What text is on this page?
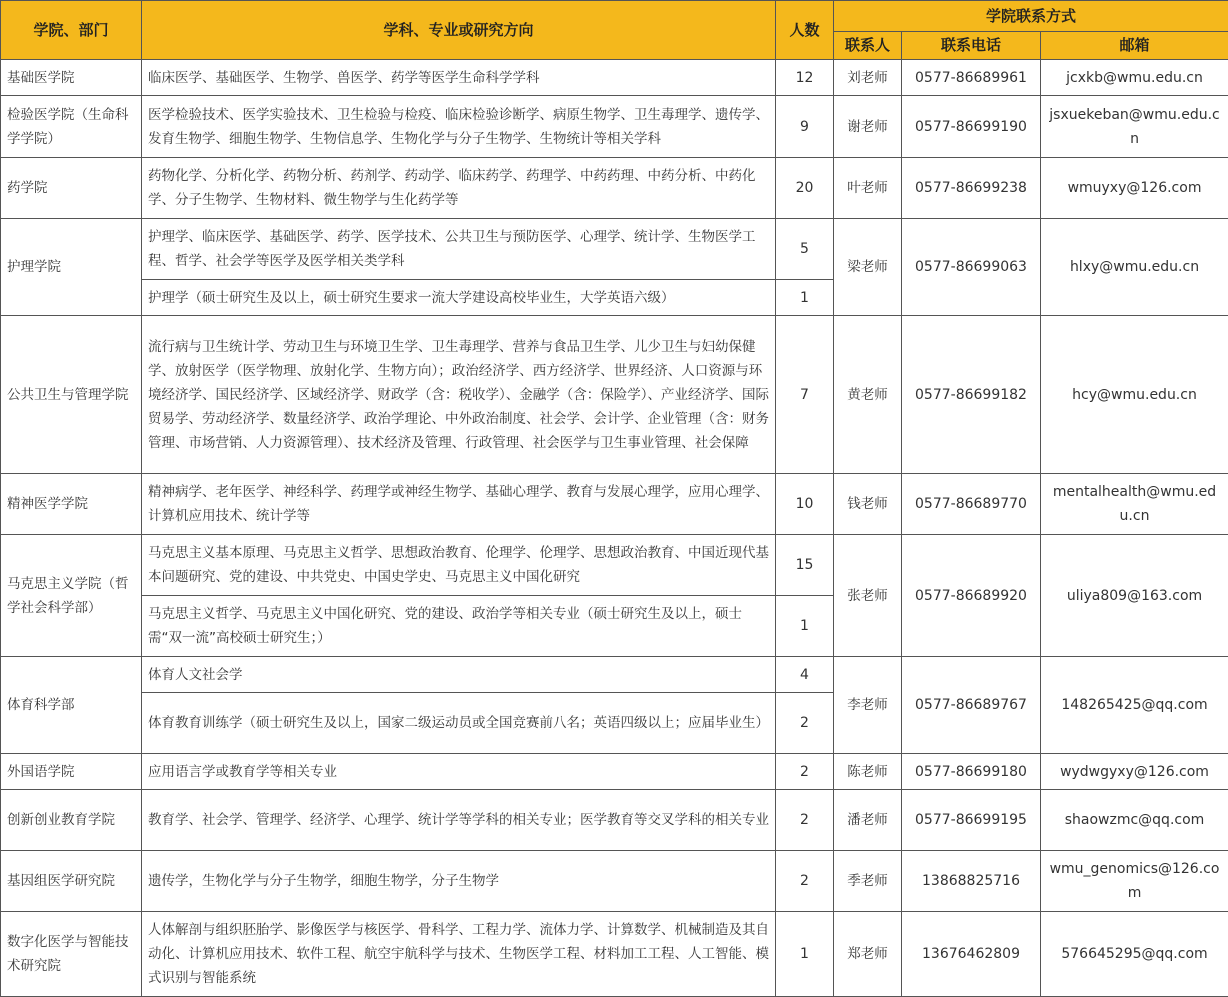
学院、部门	学科、专业或研究方向	人数	学院联系方式		
			联系人	联系电话	邮箱
基础医学院	临床医学、基础医学、生物学、兽医学、药学等医学生命科学学科	12	刘老师	0577-86689961	jcxkb@wmu.edu.cn
检验医学院（生命科学学院）	医学检验技术、医学实验技术、卫生检验与检疫、临床检验诊断学、病原生物学、卫生毒理学、遗传学、发育生物学、细胞生物学、生物信息学、生物化学与分子生物学、生物统计等相关学科	9	谢老师	0577-86699190	jsxuekeban@wmu.edu.cn
药学院	药物化学、分析化学、药物分析、药剂学、药动学、临床药学、药理学、中药药理、中药分析、中药化学、分子生物学、生物材料、微生物学与生化药学等	20	叶老师	0577-86699238	wmuyxy@126.com
护理学院	护理学、临床医学、基础医学、药学、医学技术、公共卫生与预防医学、心理学、统计学、生物医学工程、哲学、社会学等医学及医学相关类学科	5	梁老师	0577-86699063	hlxy@wmu.edu.cn
	护理学（硕士研究生及以上，硕士研究生要求一流大学建设高校毕业生，大学英语六级）	1			
公共卫生与管理学院	流行病与卫生统计学、劳动卫生与环境卫生学、卫生毒理学、营养与食品卫生学、儿少卫生与妇幼保健学、放射医学（医学物理、放射化学、生物方向）；政治经济学、西方经济学、世界经济、人口资源与环境经济学、国民经济学、区域经济学、财政学（含：税收学）、金融学（含：保险学）、产业经济学、国际贸易学、劳动经济学、数量经济学、政治学理论、中外政治制度、社会学、会计学、企业管理（含：财务管理、市场营销、人力资源管理）、技术经济及管理、行政管理、社会医学与卫生事业管理、社会保障	7	黄老师	0577-86699182	hcy@wmu.edu.cn
精神医学学院	精神病学、老年医学、神经科学、药理学或神经生物学、基础心理学、教育与发展心理学，应用心理学、计算机应用技术、统计学等	10	钱老师	0577-86689770	mentalhealth@wmu.edu.cn
马克思主义学院（哲学社会科学部）	马克思主义基本原理、马克思主义哲学、思想政治教育、伦理学、伦理学、思想政治教育、中国近现代基本问题研究、党的建设、中共党史、中国史学史、马克思主义中国化研究	15	张老师	0577-86689920	uliya809@163.com
	马克思主义哲学、马克思主义中国化研究、党的建设、政治学等相关专业（硕士研究生及以上，硕士需“双一流”高校硕士研究生；）	1			
体育科学部	体育人文社会学	4	李老师	0577-86689767	148265425@qq.com
	体育教育训练学（硕士研究生及以上，国家二级运动员或全国竞赛前八名；英语四级以上；应届毕业生）	2			
外国语学院	应用语言学或教育学等相关专业	2	陈老师	0577-86699180	wydwgyxy@126.com
创新创业教育学院	教育学、社会学、管理学、经济学、心理学、统计学等学科的相关专业；医学教育等交叉学科的相关专业	2	潘老师	0577-86699195	shaowzmc@qq.com
基因组医学研究院	遗传学，生物化学与分子生物学，细胞生物学，分子生物学	2	季老师	13868825716	wmu_genomics@126.com
数字化医学与智能技术研究院	人体解剖与组织胚胎学、影像医学与核医学、骨科学、工程力学、流体力学、计算数学、机械制造及其自动化、计算机应用技术、软件工程、航空宇航科学与技术、生物医学工程、材料加工工程、人工智能、模式识别与智能系统	1	郑老师	13676462809	576645295@qq.com
